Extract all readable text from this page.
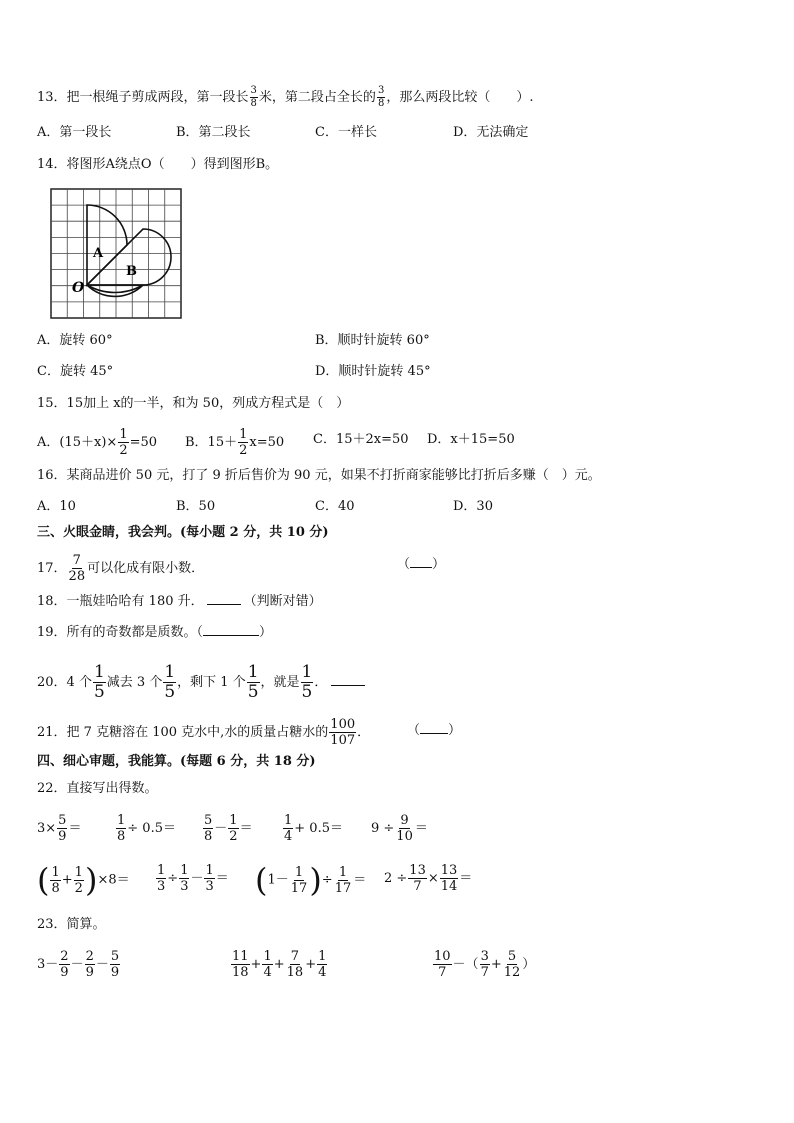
13．把一根绳子剪成两段，第一段长 $\frac{3}{8}$ 米，第二段占全长的 $\frac{3}{8}$ ，那么两段比较（　　）.
A．第一段长	B．第二段长	C．一样长	D．无法确定
14．将图形A绕点O（　　）得到图形B。
A
B
O
A．旋转 60°	B．顺时针旋转 60°
C．旋转 45°	D．顺时针旋转 45°
15．15加上 x的一半，和为 50，列成方程式是（　）
A．$(15+x)\times \frac{1}{2} =50$ B．$15+ \frac{1}{2} x=50$ C．15＋2x=50 D．x＋15=50
16．某商品进价 50 元，打了 9 折后售价为 90 元，如果不打折商家能够比打折后多赚（　）元。
A．10	B．50	C．40	D．30
三、火眼金睛，我会判。(每小题 2 分，共 10 分)
17． $\frac{7}{28}$ 可以化成有限小数．	（ ）
18．一瓶娃哈哈有 180 升．	（判断对错）
19．所有的奇数都是质数。（	）
20．4 个 $\frac{1}{5}$ 减去 3 个 $\frac{1}{5}$ ，剩下 1 个 $\frac{1}{5}$ ，就是 $\frac{1}{5}$ ．
21．把 7 克糖溶在 100 克水中,水的质量占糖水的 $\frac{100}{107}$ ．	（ ）
四、细心审题，我能算。(每题 6 分，共 18 分)
22．直接写出得数。
$3\times \frac{5}{9}$ ＝	$\frac{1}{8} \div 0.5= \frac{5}{8} - \frac{1}{2} = \frac{1}{4} + 0.5= 9 \div \frac{9}{10}$ ＝
( $\frac{1}{8} + \frac{1}{2} )\times 8= \frac{1}{3} \div \frac{1}{3} - \frac{1}{3} = (1- \frac{1}{17}$ )÷ $\frac{1}{17} = 2 \div \frac{13}{7} \times \frac{13}{14}$ ＝
23．简算。
$3- \frac{2}{9} - \frac{2}{9} - \frac{5}{9}$	$\frac{11}{18} + \frac{1}{4} + \frac{7}{18} + \frac{1}{4}$	$\frac{10}{7}$ －（ $\frac{3}{7} + \frac{5}{12}$ ）
